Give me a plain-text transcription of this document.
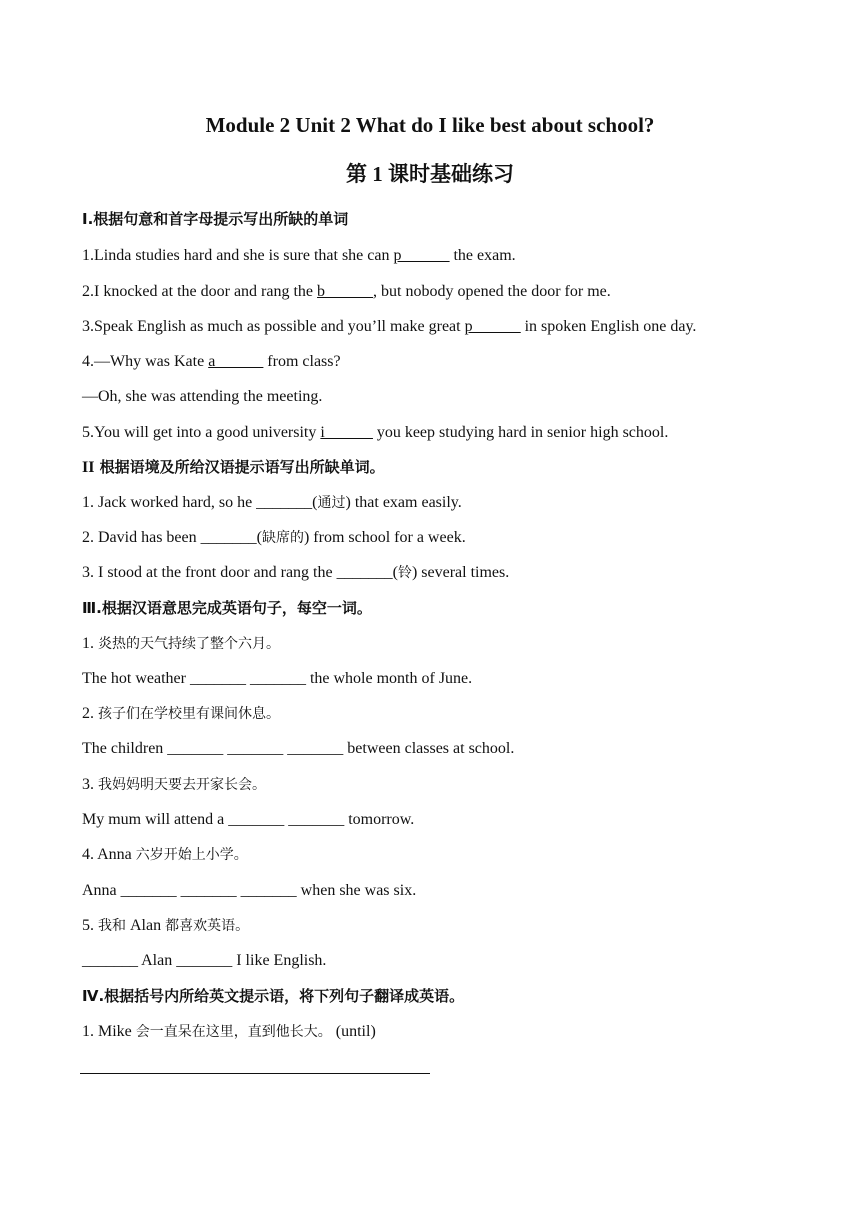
Module 2 Unit 2 What do I like best about school?
第 1 课时基础练习
Ⅰ.根据句意和首字母提示写出所缺的单词
1.Linda studies hard and she is sure that she can p______ the exam.
2.I knocked at the door and rang the b______, but nobody opened the door for me.
3.Speak English as much as possible and you’ll make great p______ in spoken English one day.
4.—Why was Kate a______ from class?
—Oh, she was attending the meeting.
5.You will get into a good university i______ you keep studying hard in senior high school.
II 根据语境及所给汉语提示语写出所缺单词。
1. Jack worked hard, so he _______(通过) that exam easily.
2. David has been _______(缺席的) from school for a week.
3. I stood at the front door and rang the _______(铃) several times.
Ⅲ.根据汉语意思完成英语句子，每空一词。
1. 炎热的天气持续了整个六月。
The hot weather _______ _______ the whole month of June.
2. 孩子们在学校里有课间休息。
The children _______ _______ _______ between classes at school.
3. 我妈妈明天要去开家长会。
My mum will attend a _______ _______ tomorrow.
4. Anna 六岁开始上小学。
Anna _______ _______ _______ when she was six.
5. 我和 Alan 都喜欢英语。
_______ Alan _______ I like English.
Ⅳ.根据括号内所给英文提示语，将下列句子翻译成英语。
1. Mike 会一直呆在这里，直到他长大。 (until)
